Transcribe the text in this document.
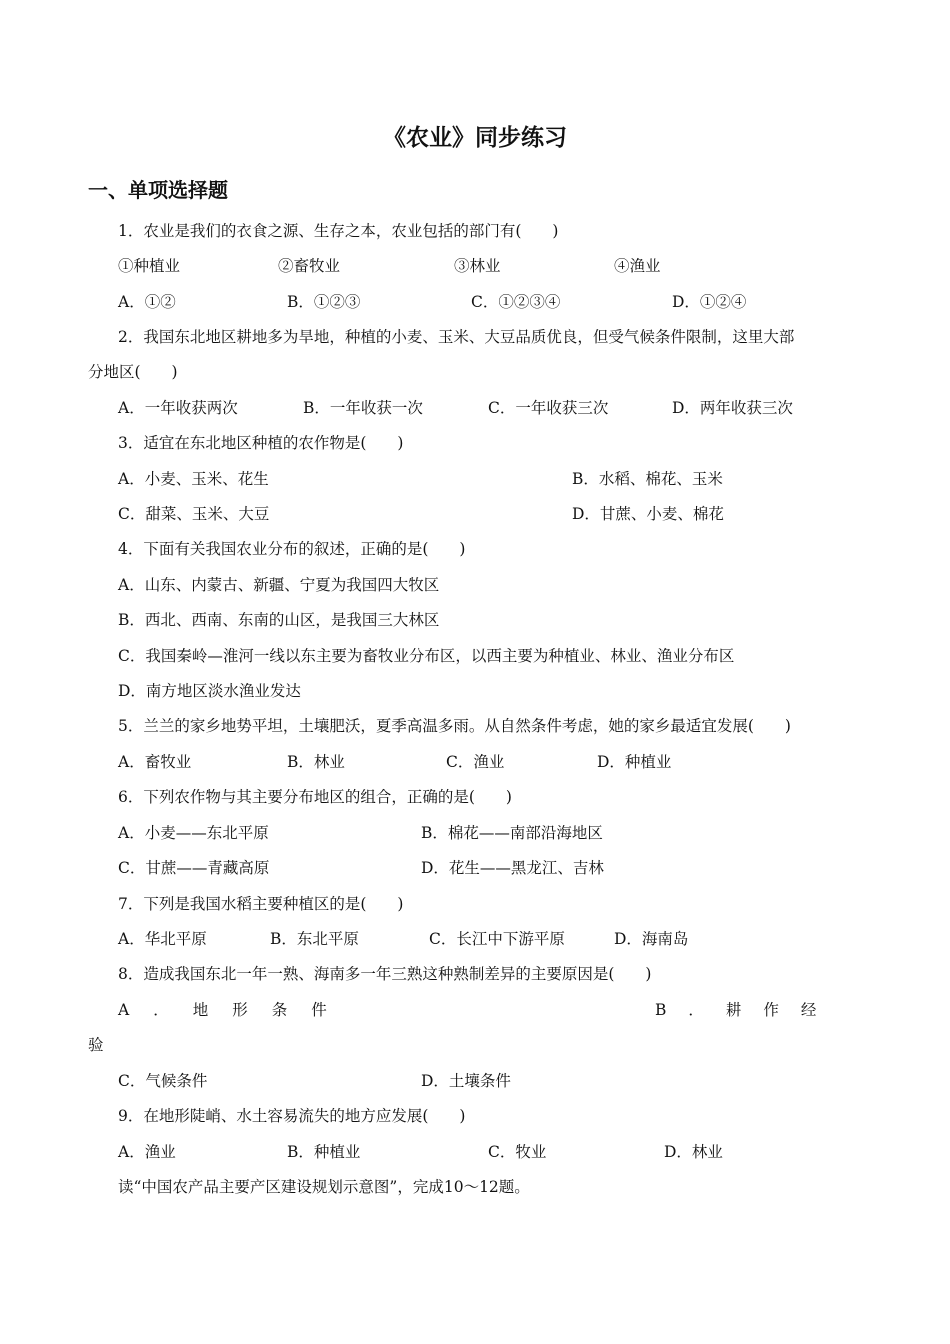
《农业》同步练习
一、单项选择题
1．农业是我们的衣食之源、生存之本，农业包括的部门有(　　)
①种植业	②畜牧业	③林业	④渔业
A．①②	B．①②③	C．①②③④	D．①②④
2．我国东北地区耕地多为旱地，种植的小麦、玉米、大豆品质优良，但受气候条件限制，这里大部
分地区(　　)
A．一年收获两次	B．一年收获一次	C．一年收获三次	D．两年收获三次
3．适宜在东北地区种植的农作物是(　　)
A．小麦、玉米、花生	B．水稻、棉花、玉米
C．甜菜、玉米、大豆	D．甘蔗、小麦、棉花
4．下面有关我国农业分布的叙述，正确的是(　　)
A．山东、内蒙古、新疆、宁夏为我国四大牧区
B．西北、西南、东南的山区，是我国三大林区
C．我国秦岭—淮河一线以东主要为畜牧业分布区，以西主要为种植业、林业、渔业分布区
D．南方地区淡水渔业发达
5．兰兰的家乡地势平坦，土壤肥沃，夏季高温多雨。从自然条件考虑，她的家乡最适宜发展(　　)
A．畜牧业	B．林业	C．渔业	D．种植业
6．下列农作物与其主要分布地区的组合，正确的是(　　)
A．小麦——东北平原	B．棉花——南部沿海地区
C．甘蔗——青藏高原	D．花生——黑龙江、吉林
7．下列是我国水稻主要种植区的是(　　)
A．华北平原	B．东北平原	C．长江中下游平原	D．海南岛
8．造成我国东北一年一熟、海南多一年三熟这种熟制差异的主要原因是(　　)
A．地形条件	B．耕作经
验
C．气候条件	D．土壤条件
9．在地形陡峭、水土容易流失的地方应发展(　　)
A．渔业	B．种植业	C．牧业	D．林业
读“中国农产品主要产区建设规划示意图”，完成10～12题。
